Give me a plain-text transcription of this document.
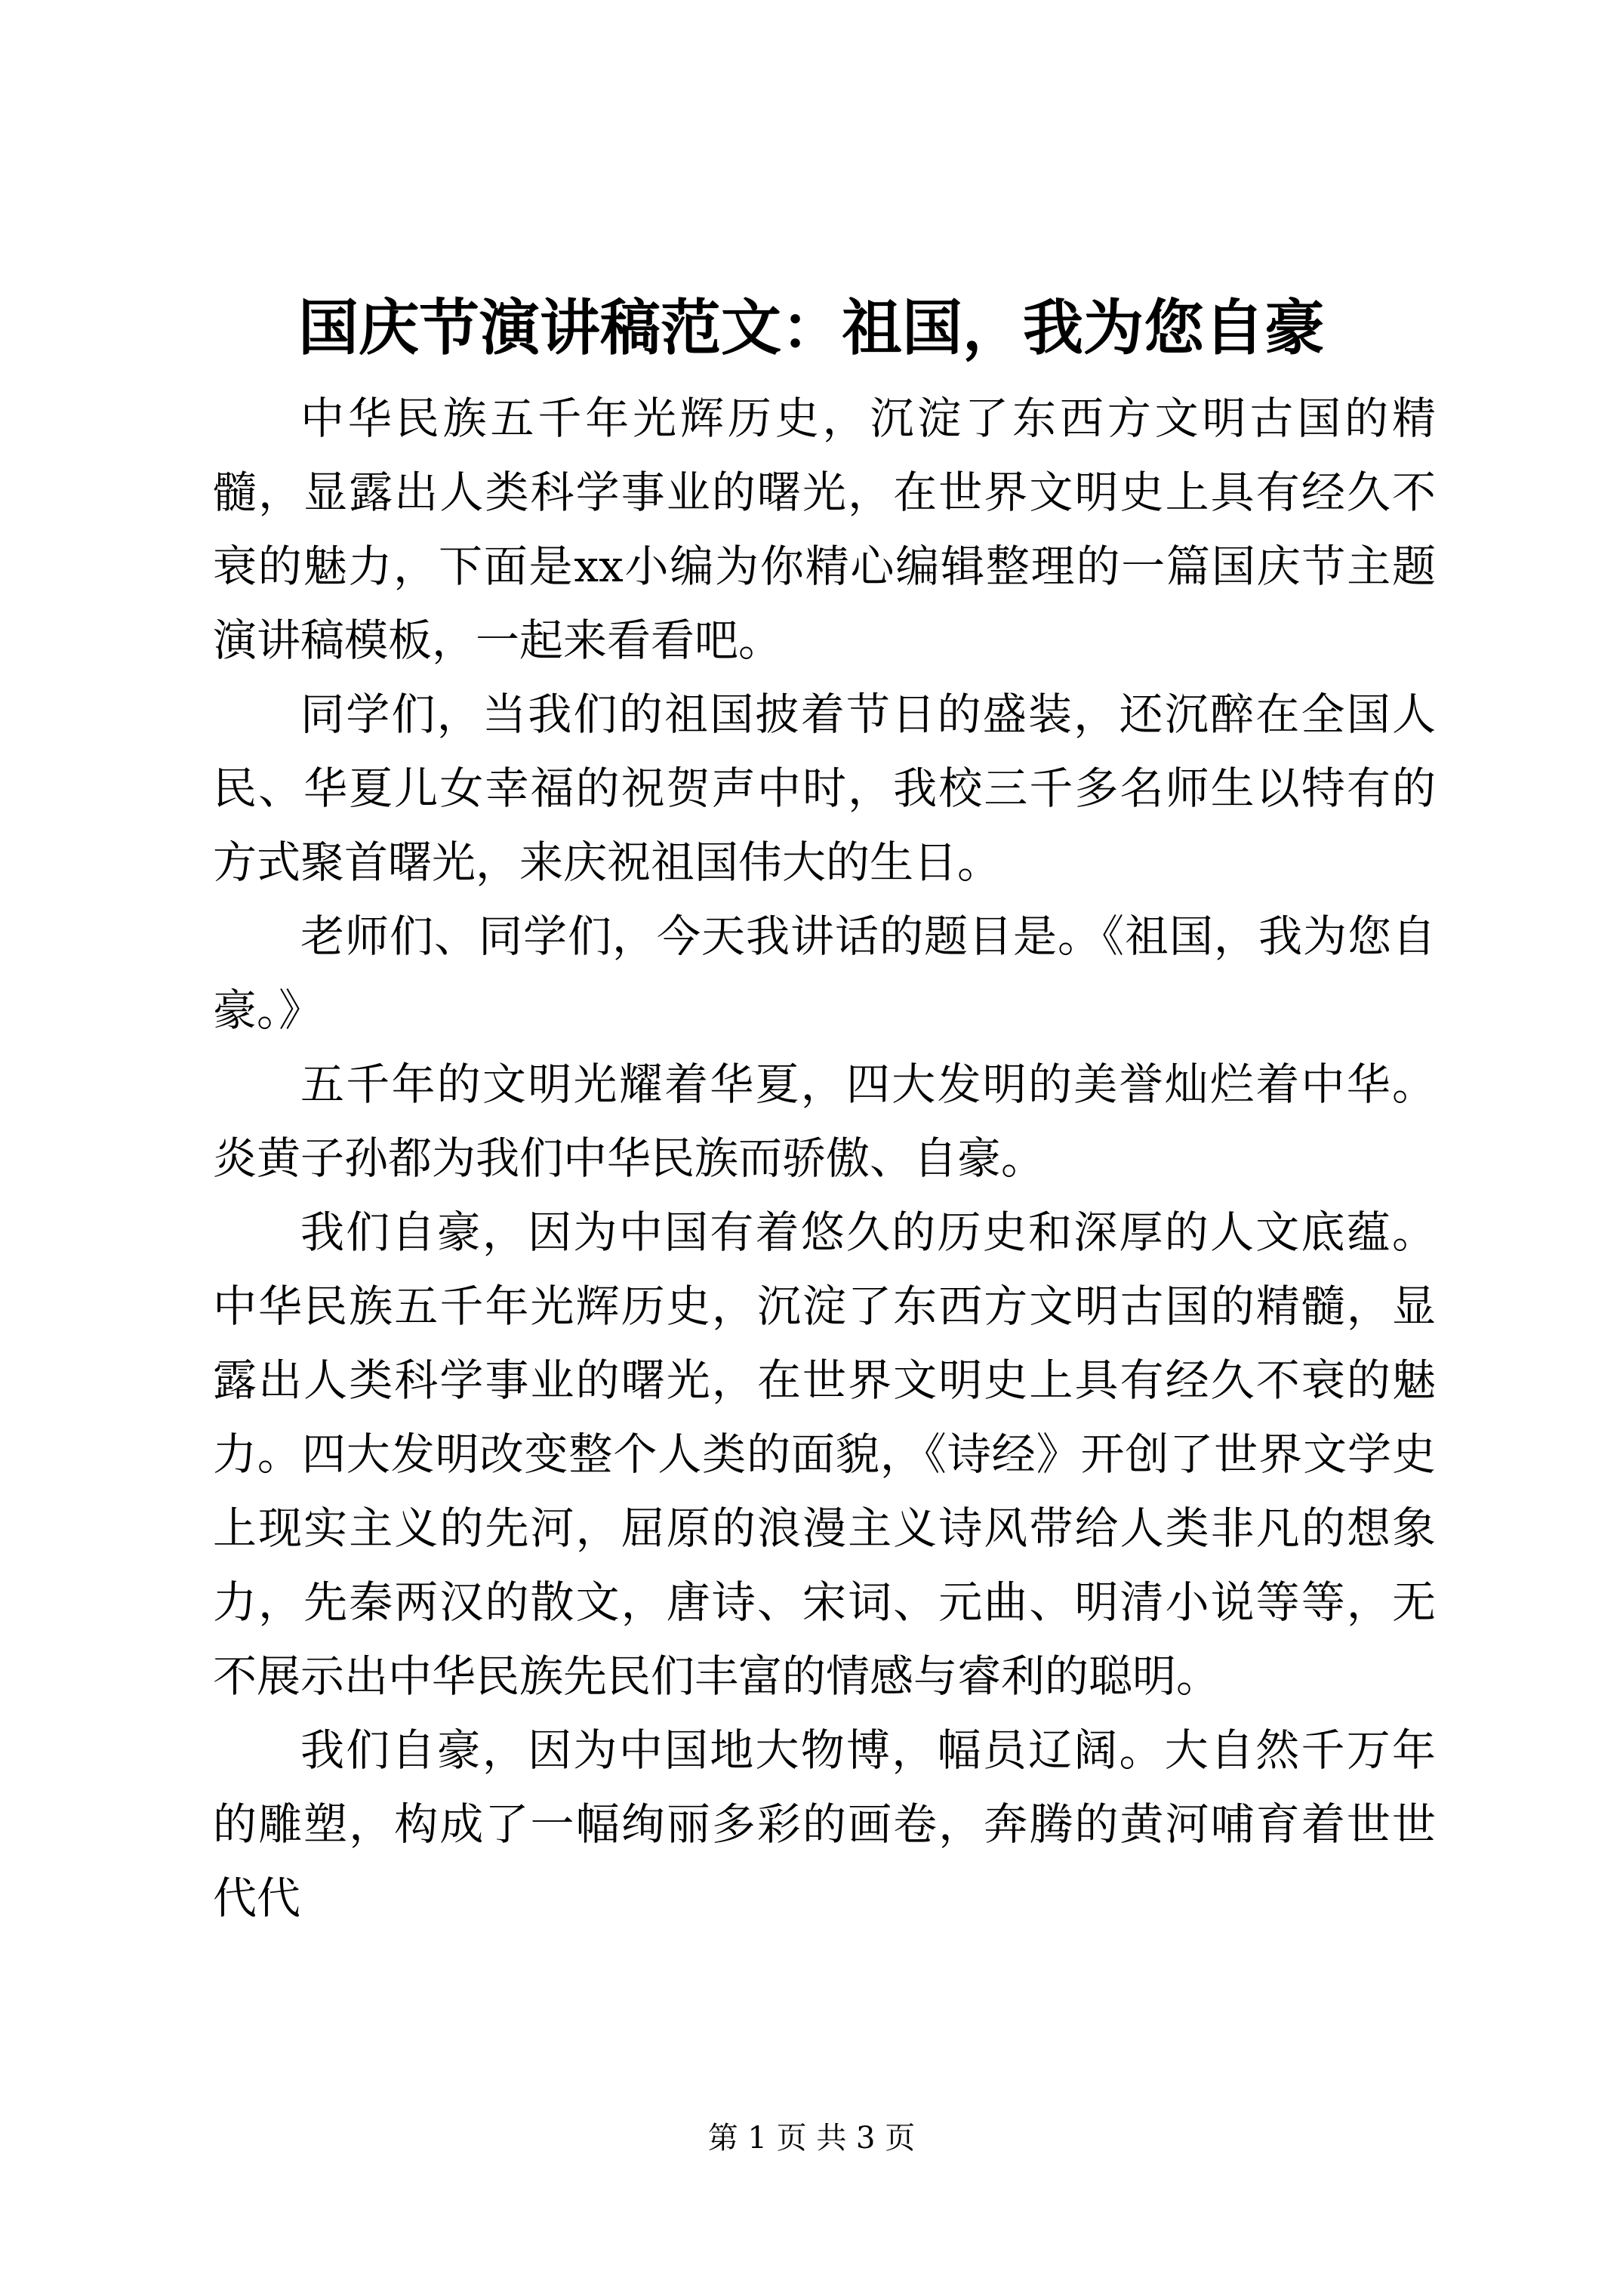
国庆节演讲稿范文：祖国，我为您自豪

中华民族五千年光辉历史，沉淀了东西方文明古国的精髓，显露出人类科学事业的曙光，在世界文明史上具有经久不衰的魅力，下面是xx小编为你精心编辑整理的一篇国庆节主题演讲稿模板，一起来看看吧。

同学们，当我们的祖国披着节日的盛装，还沉醉在全国人民、华夏儿女幸福的祝贺声中时，我校三千多名师生以特有的方式聚首曙光，来庆祝祖国伟大的生日。

老师们、同学们，今天我讲话的题目是。《祖国，我为您自豪。》

五千年的文明光耀着华夏，四大发明的美誉灿烂着中华。炎黄子孙都为我们中华民族而骄傲、自豪。

我们自豪，因为中国有着悠久的历史和深厚的人文底蕴。中华民族五千年光辉历史，沉淀了东西方文明古国的精髓，显露出人类科学事业的曙光，在世界文明史上具有经久不衰的魅力。四大发明改变整个人类的面貌，《诗经》开创了世界文学史上现实主义的先河，屈原的浪漫主义诗风带给人类非凡的想象力，先秦两汉的散文，唐诗、宋词、元曲、明清小说等等，无不展示出中华民族先民们丰富的情感与睿利的聪明。

我们自豪，因为中国地大物博，幅员辽阔。大自然千万年的雕塑，构成了一幅绚丽多彩的画卷，奔腾的黄河哺育着世世代代

第 1 页 共 3 页
